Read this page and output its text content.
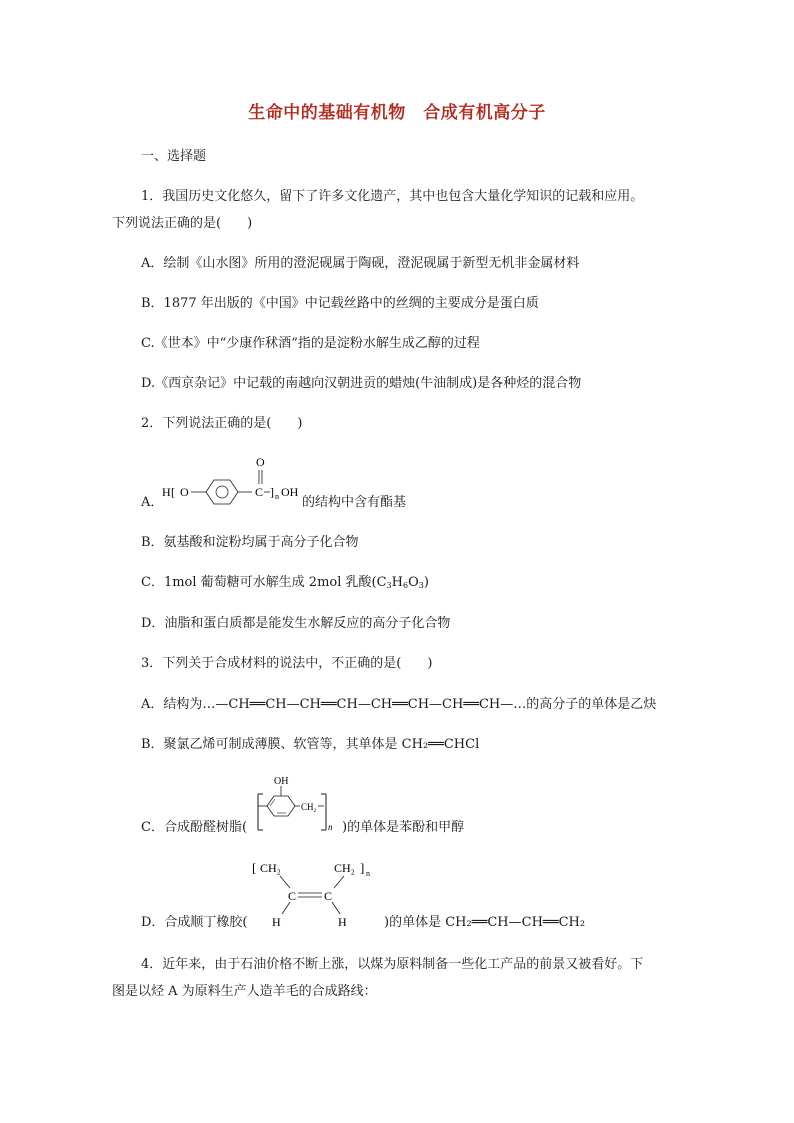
生命中的基础有机物　合成有机高分子
一、选择题
1．我国历史文化悠久，留下了许多文化遗产，其中也包含大量化学知识的记载和应用。
下列说法正确的是(　　)
A．绘制《山水图》所用的澄泥砚属于陶砚，澄泥砚属于新型无机非金属材料
B．1877 年出版的《中国》中记载丝路中的丝绸的主要成分是蛋白质
C.《世本》中“少康作秫酒”指的是淀粉水解生成乙醇的过程
D.《西京杂记》中记载的南越向汉朝进贡的蜡烛(牛油制成)是各种烃的混合物
2．下列说法正确的是(　　)
A．
H [ O
O
C ] n OH
的结构中含有酯基
B．氨基酸和淀粉均属于高分子化合物
C．1mol 葡萄糖可水解生成 2mol 乳酸$(C_3H_6O_3)$
D．油脂和蛋白质都是能发生水解反应的高分子化合物
3．下列关于合成材料的说法中，不正确的是(　　)
A．结构为…—CH══CH—CH══CH—CH══CH—CH══CH—…的高分子的单体是乙炔
B．聚氯乙烯可制成薄膜、软管等，其单体是 CH₂══CHCl
C．合成酚醛树脂(
OH
CH₂
n )的单体是苯酚和甲醇
D．合成顺丁橡胶(
[ CH₂	CH₂ ] n
C C
H	H	)的单体是 CH₂══CH—CH══CH₂
4．近年来，由于石油价格不断上涨，以煤为原料制备一些化工产品的前景又被看好。下
图是以烃 A 为原料生产人造羊毛的合成路线：
